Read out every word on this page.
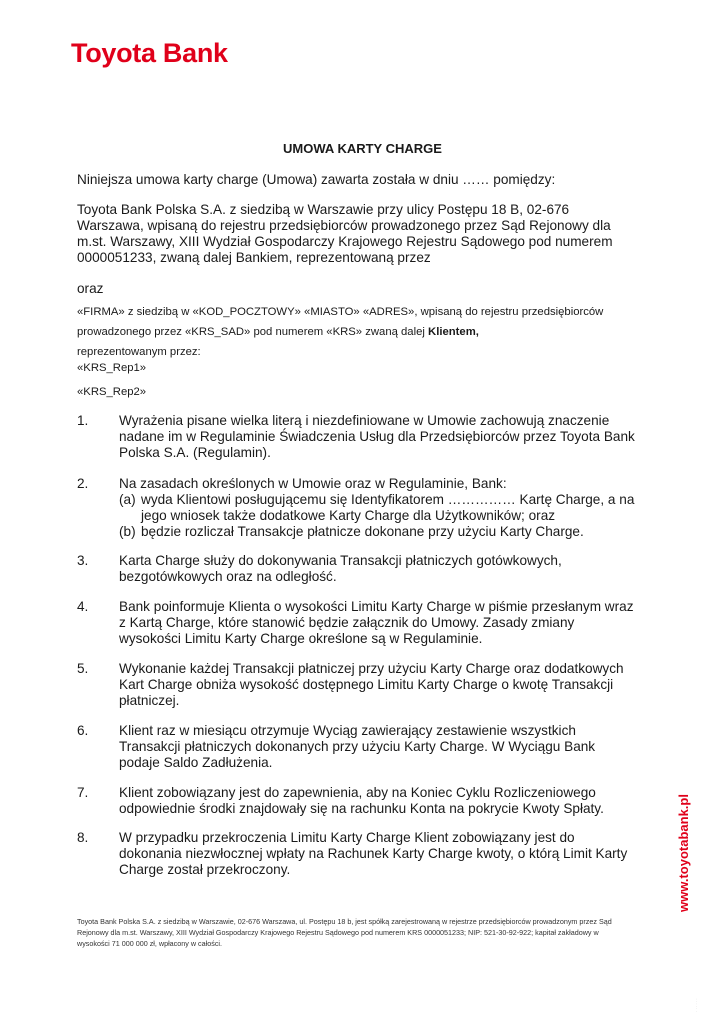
Toyota Bank
UMOWA KARTY CHARGE
Niniejsza umowa karty charge (Umowa) zawarta została w dniu …… pomiędzy:
Toyota Bank Polska S.A. z siedzibą w Warszawie przy ulicy Postępu 18 B, 02-676 Warszawa, wpisaną do rejestru przedsiębiorców prowadzonego przez Sąd Rejonowy dla m.st. Warszawy, XIII Wydział Gospodarczy Krajowego Rejestru Sądowego pod numerem 0000051233, zwaną dalej Bankiem, reprezentowaną przez
oraz
«FIRMA» z siedzibą w «KOD_POCZTOWY» «MIASTO» «ADRES», wpisaną do rejestru przedsiębiorców prowadzonego przez «KRS_SAD» pod numerem «KRS» zwaną dalej Klientem,
reprezentowanym przez:
«KRS_Rep1»
«KRS_Rep2»
1. Wyrażenia pisane wielka literą i niezdefiniowane w Umowie zachowują znaczenie nadane im w Regulaminie Świadczenia Usług dla Przedsiębiorców przez Toyota Bank Polska S.A. (Regulamin).
2. Na zasadach określonych w Umowie oraz w Regulaminie, Bank:
(a) wyda Klientowi posługującemu się Identyfikatorem …………… Kartę Charge, a na jego wniosek także dodatkowe Karty Charge dla Użytkowników; oraz
(b) będzie rozliczał Transakcje płatnicze dokonane przy użyciu Karty Charge.
3. Karta Charge służy do dokonywania Transakcji płatniczych gotówkowych, bezgotówkowych oraz na odległość.
4. Bank poinformuje Klienta o wysokości Limitu Karty Charge w piśmie przesłanym wraz z Kartą Charge, które stanowić będzie załącznik do Umowy. Zasady zmiany wysokości Limitu Karty Charge określone są w Regulaminie.
5. Wykonanie każdej Transakcji płatniczej przy użyciu Karty Charge oraz dodatkowych Kart Charge obniża wysokość dostępnego Limitu Karty Charge o kwotę Transakcji płatniczej.
6. Klient raz w miesiącu otrzymuje Wyciąg zawierający zestawienie wszystkich Transakcji płatniczych dokonanych przy użyciu Karty Charge. W Wyciągu Bank podaje Saldo Zadłużenia.
7. Klient zobowiązany jest do zapewnienia, aby na Koniec Cyklu Rozliczeniowego odpowiednie środki znajdowały się na rachunku Konta na pokrycie Kwoty Spłaty.
8. W przypadku przekroczenia Limitu Karty Charge Klient zobowiązany jest do dokonania niezwłocznej wpłaty na Rachunek Karty Charge kwoty, o którą Limit Karty Charge został przekroczony.
Toyota Bank Polska S.A. z siedzibą w Warszawie, 02-676 Warszawa, ul. Postępu 18 b, jest spółką zarejestrowaną w rejestrze przedsiębiorców prowadzonym przez Sąd Rejonowy dla m.st. Warszawy, XIII Wydział Gospodarczy Krajowego Rejestru Sądowego pod numerem KRS 0000051233; NIP: 521-30-92-922; kapitał zakładowy w wysokości 71 000 000 zł, wpłacony w całości.
www.toyotabank.pl
· · · · · ·
